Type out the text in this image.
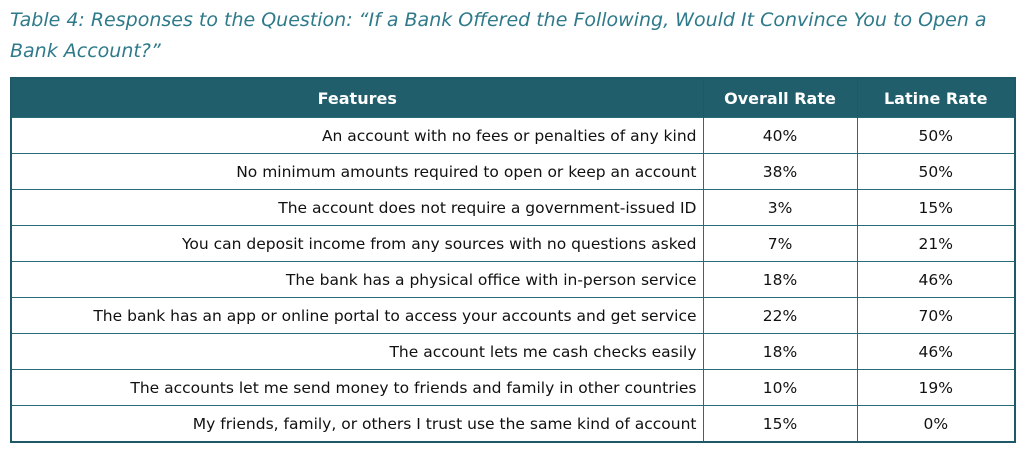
Table 4: Responses to the Question: “If a Bank Offered the Following, Would It Convince You to Open a Bank Account?”

Features	Overall Rate	Latine Rate
An account with no fees or penalties of any kind	40%	50%
No minimum amounts required to open or keep an account	38%	50%
The account does not require a government-issued ID	3%	15%
You can deposit income from any sources with no questions asked	7%	21%
The bank has a physical office with in-person service	18%	46%
The bank has an app or online portal to access your accounts and get service	22%	70%
The account lets me cash checks easily	18%	46%
The accounts let me send money to friends and family in other countries	10%	19%
My friends, family, or others I trust use the same kind of account	15%	0%
